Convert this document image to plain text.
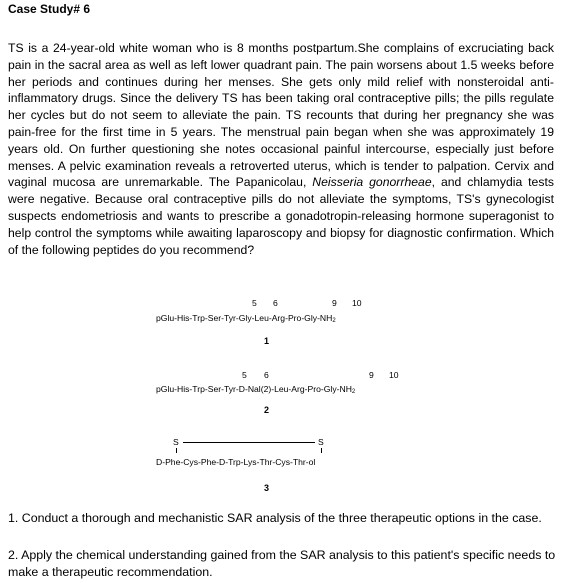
Case Study# 6
TS is a 24-year-old white woman who is 8 months postpartum.She complains of excruciating back pain in the sacral area as well as left lower quadrant pain. The pain worsens about 1.5 weeks before her periods and continues during her menses. She gets only mild relief with nonsteroidal anti-inflammatory drugs. Since the delivery TS has been taking oral contraceptive pills; the pills regulate her cycles but do not seem to alleviate the pain. TS recounts that during her pregnancy she was pain-free for the first time in 5 years. The menstrual pain began when she was approximately 19 years old. On further questioning she notes occasional painful intercourse, especially just before menses. A pelvic examination reveals a retroverted uterus, which is tender to palpation. Cervix and vaginal mucosa are unremarkable. The Papanicolau, Neisseria gonorrheae, and chlamydia tests were negative. Because oral contraceptive pills do not alleviate the symptoms, TS's gynecologist suspects endometriosis and wants to prescribe a gonadotropin-releasing hormone superagonist to help control the symptoms while awaiting laparoscopy and biopsy for diagnostic confirmation. Which of the following peptides do you recommend?
5 6	9 10
pGlu-His-Trp-Ser-Tyr-Gly-Leu-Arg-Pro-Gly-NH2
1
5 6	9 10
pGlu-His-Trp-Ser-Tyr-D-Nal(2)-Leu-Arg-Pro-Gly-NH2
2
S	S
D-Phe-Cys-Phe-D-Trp-Lys-Thr-Cys-Thr-ol
3
1. Conduct a thorough and mechanistic SAR analysis of the three therapeutic options in the case.
2. Apply the chemical understanding gained from the SAR analysis to this patient's specific needs to make a therapeutic recommendation.
